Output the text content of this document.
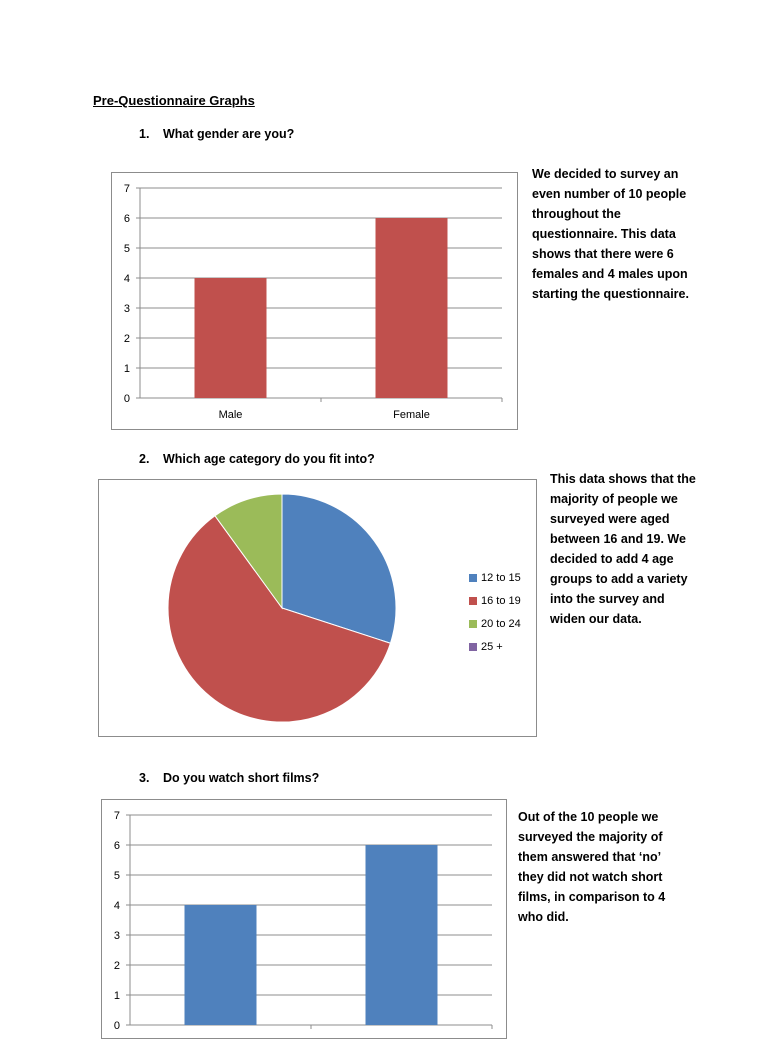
Pre-Questionnaire Graphs
1. What gender are you?
0
1
2
3
4
5
6
7
Male	Female
We decided to survey an even number of 10 people throughout the questionnaire. This data shows that there were 6 females and 4 males upon starting the questionnaire.
2. Which age category do you fit into?
12 to 15
16 to 19
20 to 24
25 +
This data shows that the majority of people we surveyed were aged between 16 and 19. We decided to add 4 age groups to add a variety into the survey and widen our data.
3. Do you watch short films?
0
1
2
3
4
5
6
7	Out of the 10 people we surveyed the majority of them answered that ‘no’ they did not watch short films, in comparison to 4 who did.
